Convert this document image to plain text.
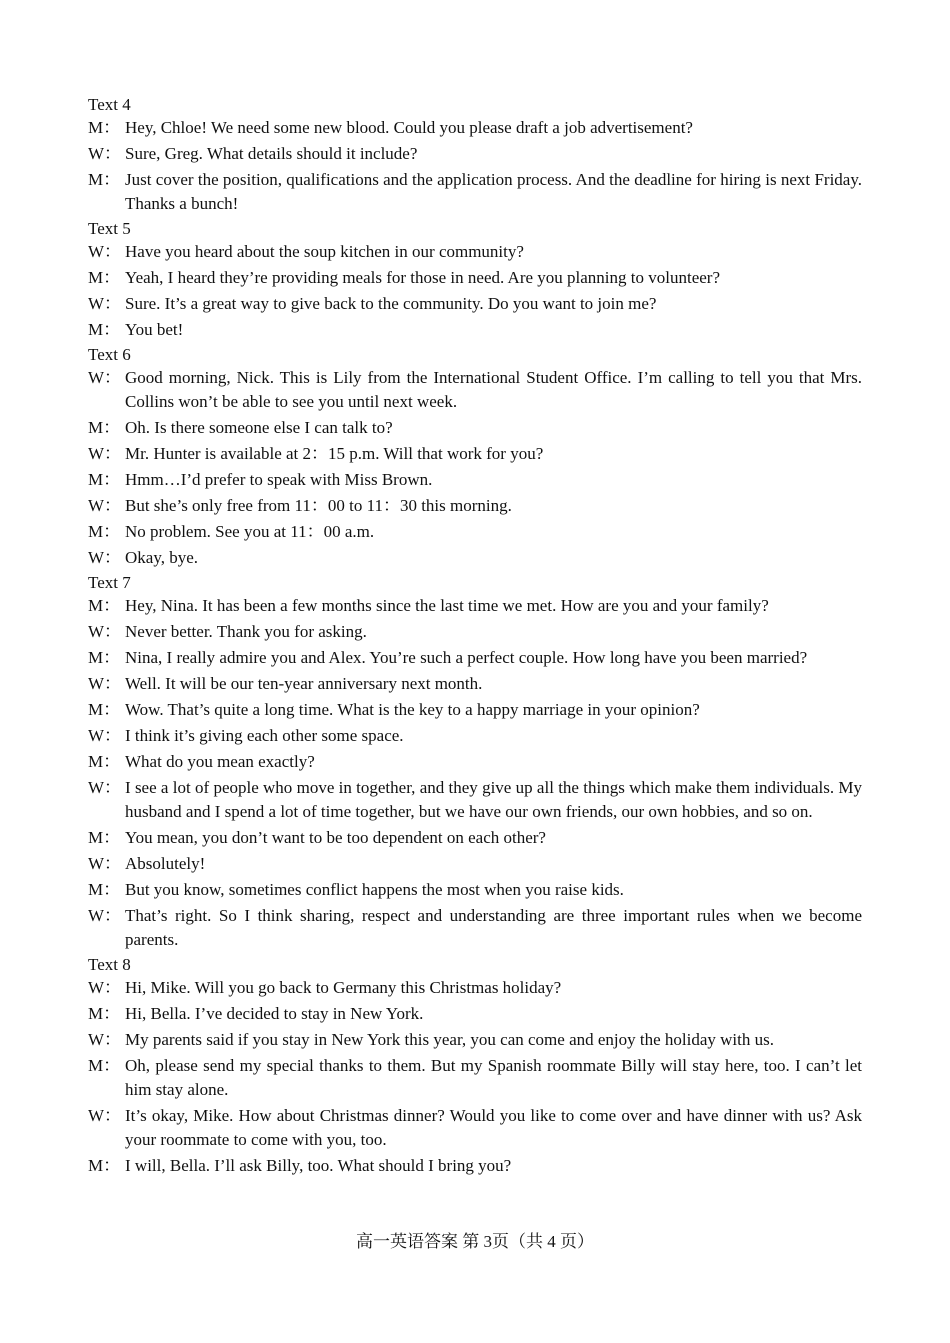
Text 4
M： Hey, Chloe! We need some new blood. Could you please draft a job advertisement?
W： Sure, Greg. What details should it include?
M： Just cover the position, qualifications and the application process. And the deadline for hiring is next Friday. Thanks a bunch!
Text 5
W： Have you heard about the soup kitchen in our community?
M： Yeah, I heard they’re providing meals for those in need. Are you planning to volunteer?
W： Sure. It’s a great way to give back to the community. Do you want to join me?
M： You bet!
Text 6
W： Good morning, Nick. This is Lily from the International Student Office. I’m calling to tell you that Mrs. Collins won’t be able to see you until next week.
M： Oh. Is there someone else I can talk to?
W： Mr. Hunter is available at 2：15 p.m. Will that work for you?
M： Hmm…I’d prefer to speak with Miss Brown.
W： But she’s only free from 11：00 to 11：30 this morning.
M： No problem. See you at 11：00 a.m.
W： Okay, bye.
Text 7
M： Hey, Nina. It has been a few months since the last time we met. How are you and your family?
W： Never better. Thank you for asking.
M： Nina, I really admire you and Alex. You’re such a perfect couple. How long have you been married?
W： Well. It will be our ten-year anniversary next month.
M： Wow. That’s quite a long time. What is the key to a happy marriage in your opinion?
W： I think it’s giving each other some space.
M： What do you mean exactly?
W： I see a lot of people who move in together, and they give up all the things which make them individuals. My husband and I spend a lot of time together, but we have our own friends, our own hobbies, and so on.
M： You mean, you don’t want to be too dependent on each other?
W： Absolutely!
M： But you know, sometimes conflict happens the most when you raise kids.
W： That’s right. So I think sharing, respect and understanding are three important rules when we become parents.
Text 8
W： Hi, Mike. Will you go back to Germany this Christmas holiday?
M： Hi, Bella. I’ve decided to stay in New York.
W： My parents said if you stay in New York this year, you can come and enjoy the holiday with us.
M： Oh, please send my special thanks to them. But my Spanish roommate Billy will stay here, too. I can’t let him stay alone.
W： It’s okay, Mike. How about Christmas dinner? Would you like to come over and have dinner with us? Ask your roommate to come with you, too.
M： I will, Bella. I’ll ask Billy, too. What should I bring you?
高一英语答案 第 3页（共 4 页）
